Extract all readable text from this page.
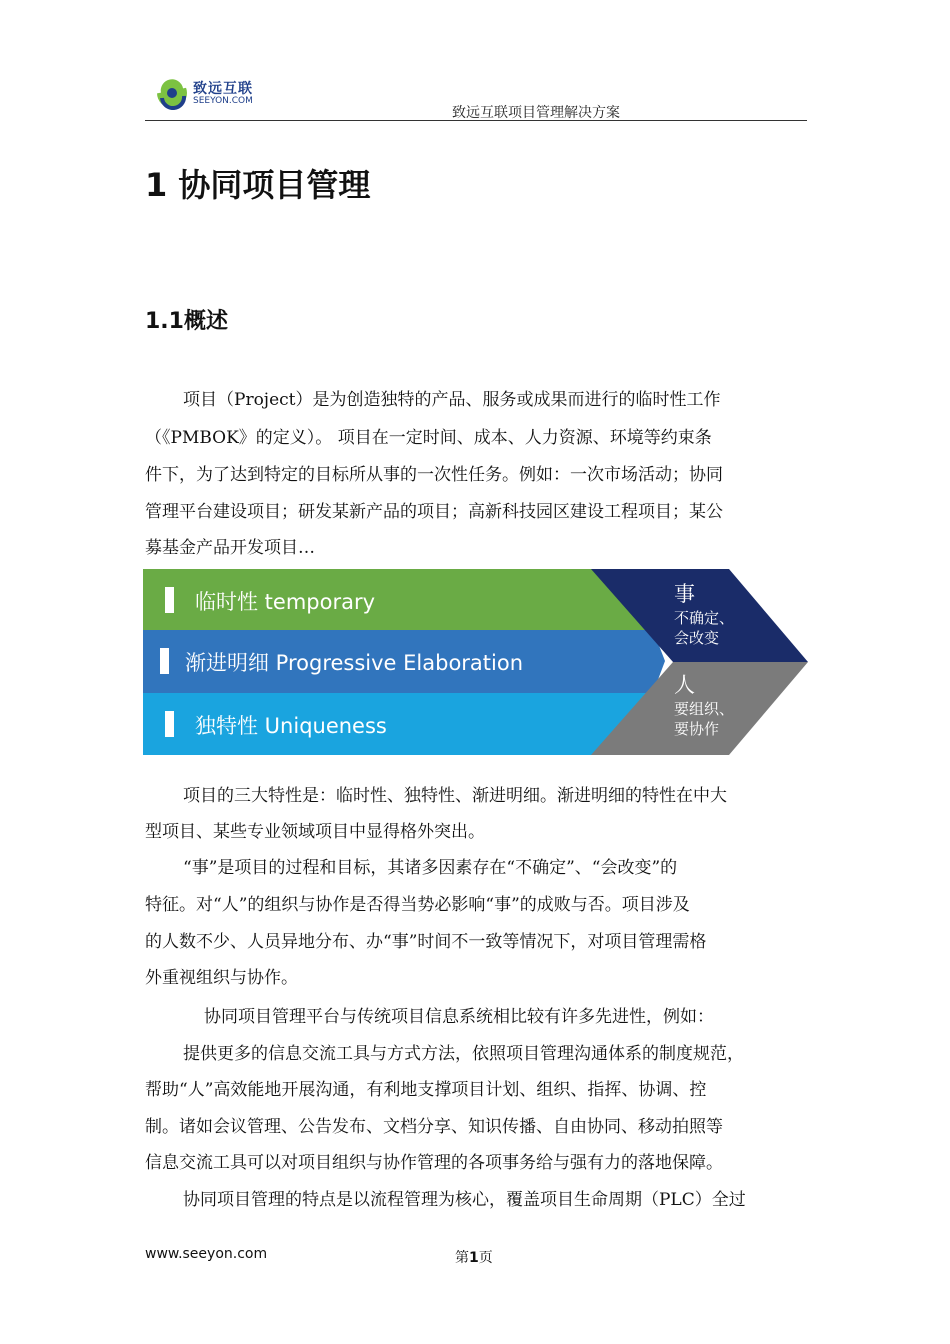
致远互联
SEEYON.COM
致远互联项目管理解决方案
1 协同项目管理
1.1概述
项目（Project）是为创造独特的产品、服务或成果而进行的临时性工作
（《PMBOK》的定义）。 项目在一定时间、成本、人力资源、环境等约束条
件下，为了达到特定的目标所从事的一次性任务。例如：一次市场活动；协同
管理平台建设项目；研发某新产品的项目；高新科技园区建设工程项目；某公
募基金产品开发项目…
临时性 temporary
渐进明细 Progressive Elaboration
独特性 Uniqueness
事
不确定、
会改变
人
要组织、
要协作
项目的三大特性是：临时性、独特性、渐进明细。渐进明细的特性在中大
型项目、某些专业领域项目中显得格外突出。
“事”是项目的过程和目标，其诸多因素存在“不确定”、“会改变”的
特征。对“人”的组织与协作是否得当势必影响“事”的成败与否。项目涉及
的人数不少、人员异地分布、办“事”时间不一致等情况下，对项目管理需格
外重视组织与协作。
协同项目管理平台与传统项目信息系统相比较有许多先进性，例如：
提供更多的信息交流工具与方式方法，依照项目管理沟通体系的制度规范，
帮助“人”高效能地开展沟通，有利地支撑项目计划、组织、指挥、协调、控
制。诸如会议管理、公告发布、文档分享、知识传播、自由协同、移动拍照等
信息交流工具可以对项目组织与协作管理的各项事务给与强有力的落地保障。
协同项目管理的特点是以流程管理为核心，覆盖项目生命周期（PLC）全过
www.seeyon.com	第1页
